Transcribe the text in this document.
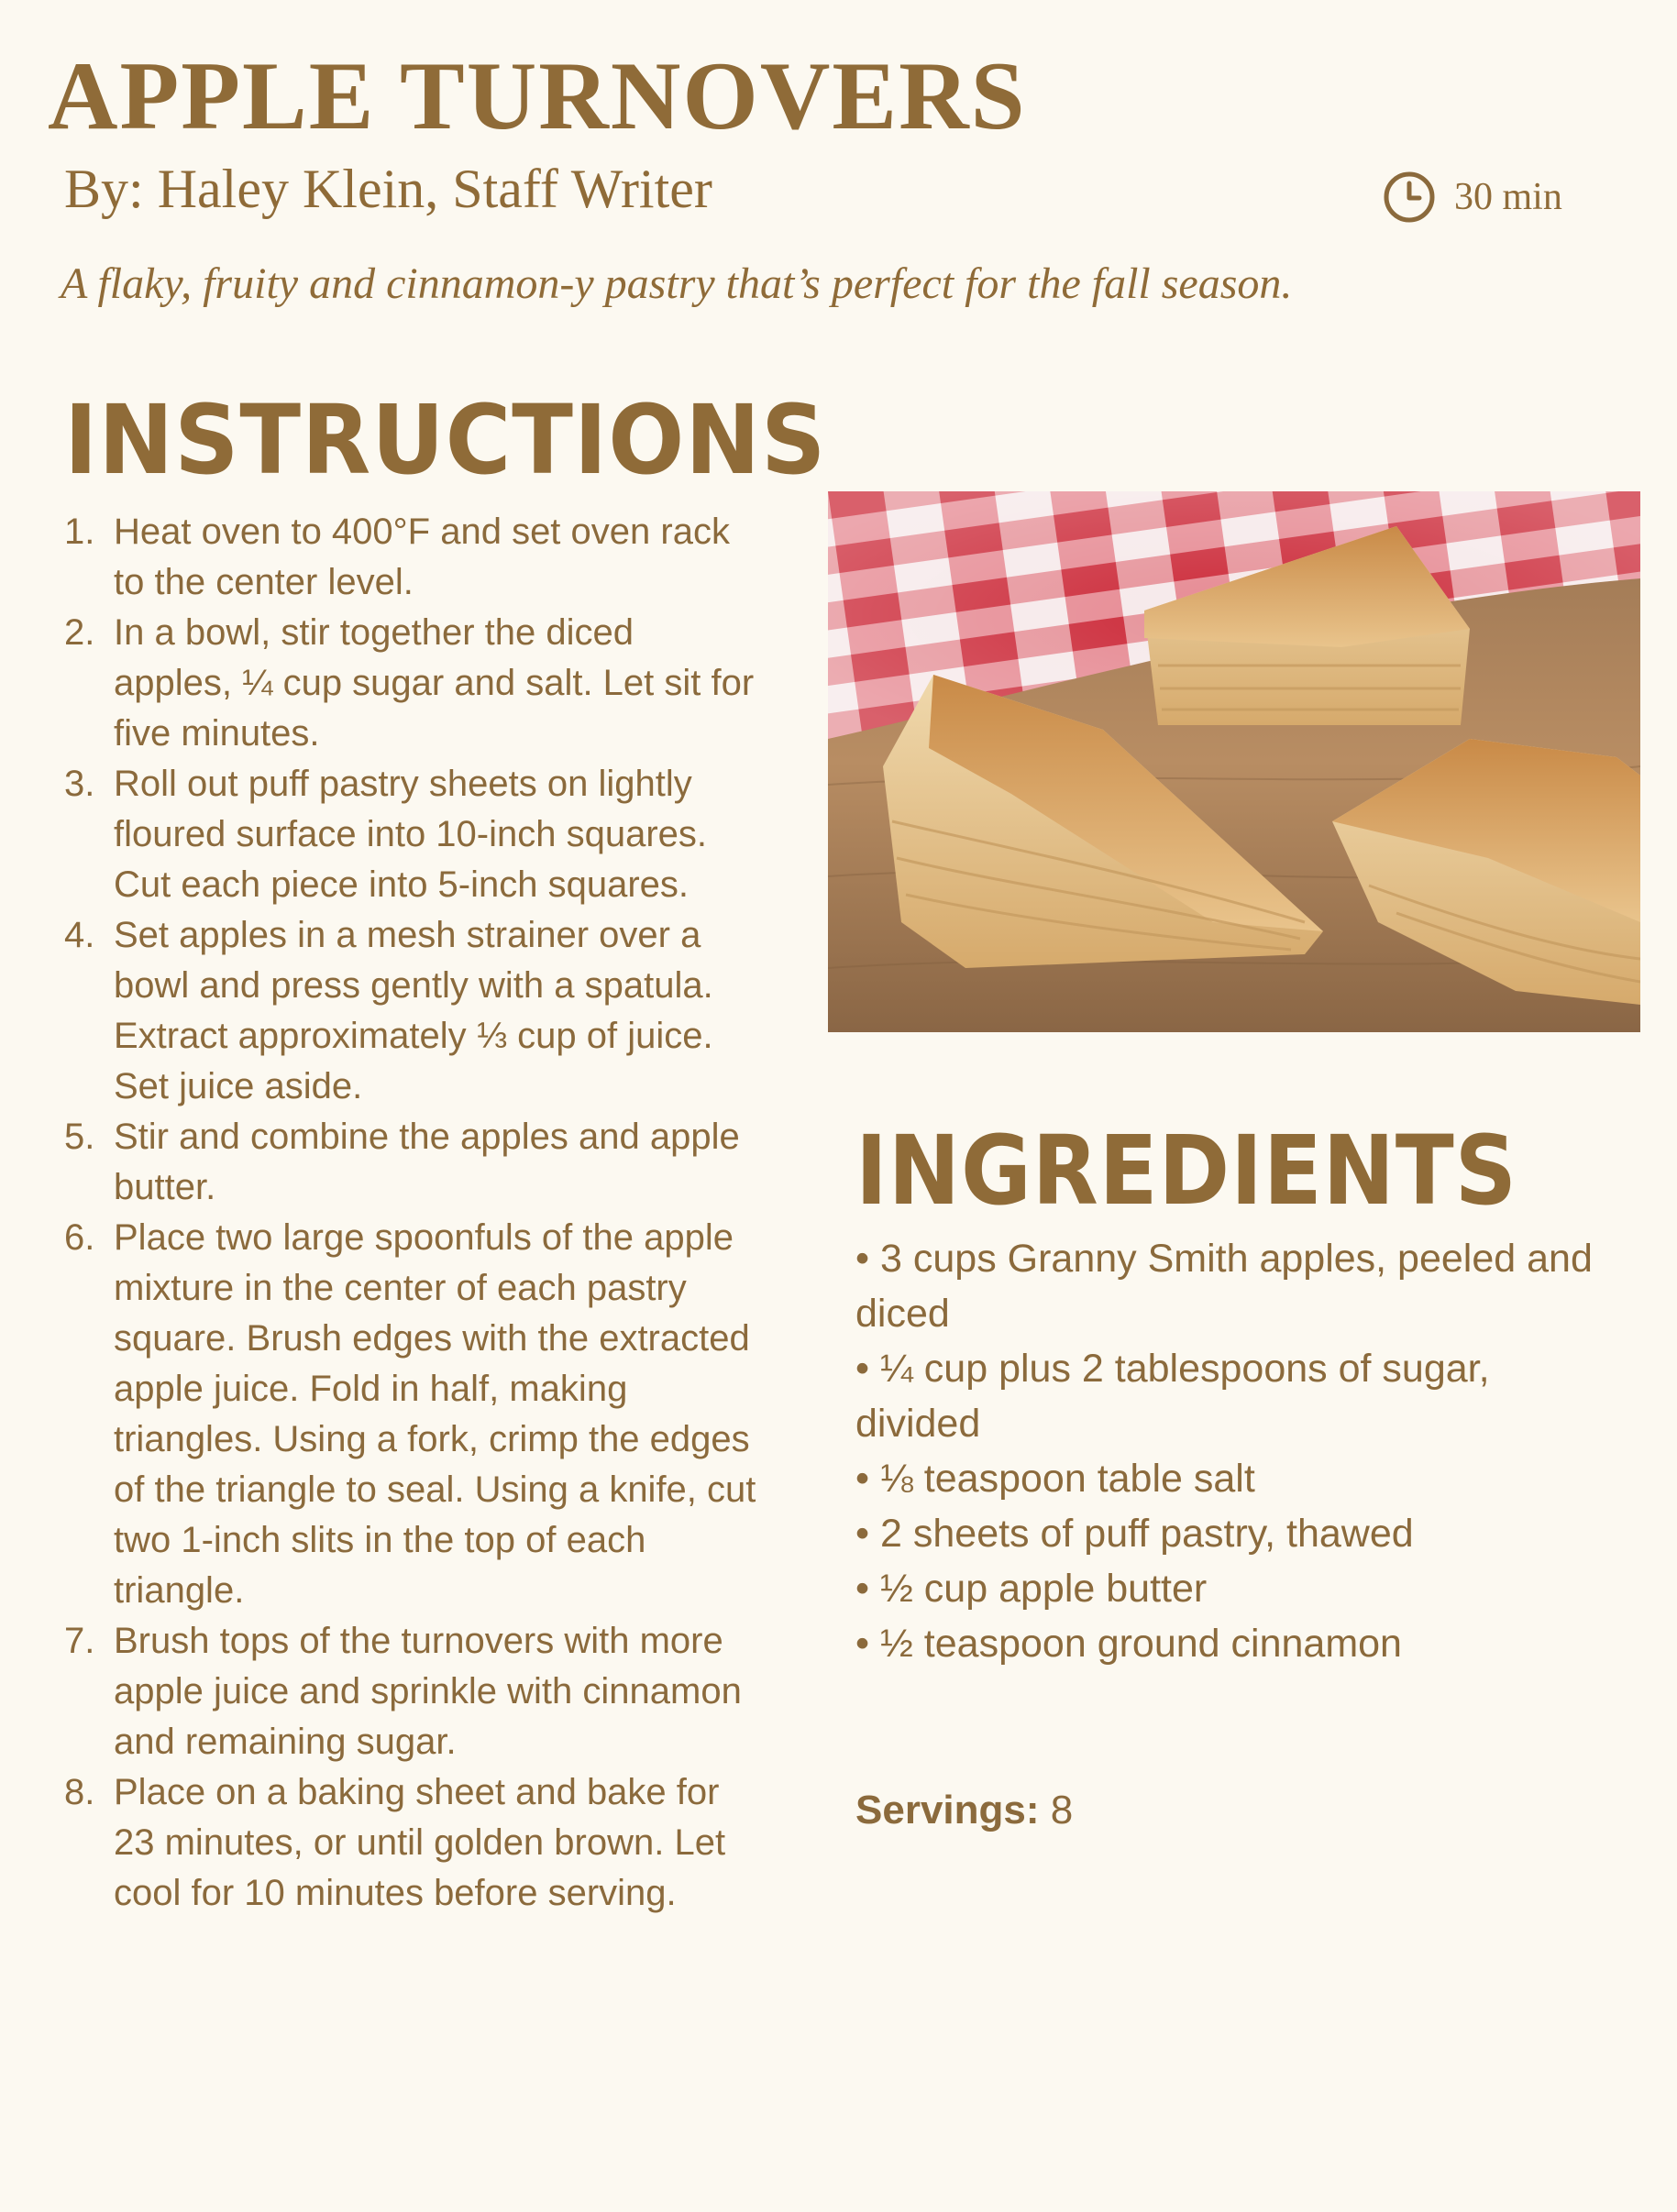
APPLE TURNOVERS
By: Haley Klein, Staff Writer	30 min
A flaky, fruity and cinnamon-y pastry that’s perfect for the fall season.
INSTRUCTIONS
1. Heat oven to 400°F and set oven rack to the center level.
2. In a bowl, stir together the diced apples, ¼ cup sugar and salt. Let sit for five minutes.
3. Roll out puff pastry sheets on lightly floured surface into 10-inch squares. Cut each piece into 5-inch squares.
4. Set apples in a mesh strainer over a bowl and press gently with a spatula. Extract approximately ⅓ cup of juice. Set juice aside.
5. Stir and combine the apples and apple butter.
6. Place two large spoonfuls of the apple mixture in the center of each pastry square. Brush edges with the extracted apple juice. Fold in half, making triangles. Using a fork, crimp the edges of the triangle to seal. Using a knife, cut two 1-inch slits in the top of each triangle.
7. Brush tops of the turnovers with more apple juice and sprinkle with cinnamon and remaining sugar.
8. Place on a baking sheet and bake for 23 minutes, or until golden brown. Let cool for 10 minutes before serving.
INGREDIENTS
• 3 cups Granny Smith apples, peeled and diced
• ¼ cup plus 2 tablespoons of sugar, divided
• ⅛ teaspoon table salt
• 2 sheets of puff pastry, thawed
• ½ cup apple butter
• ½ teaspoon ground cinnamon
Servings: 8
